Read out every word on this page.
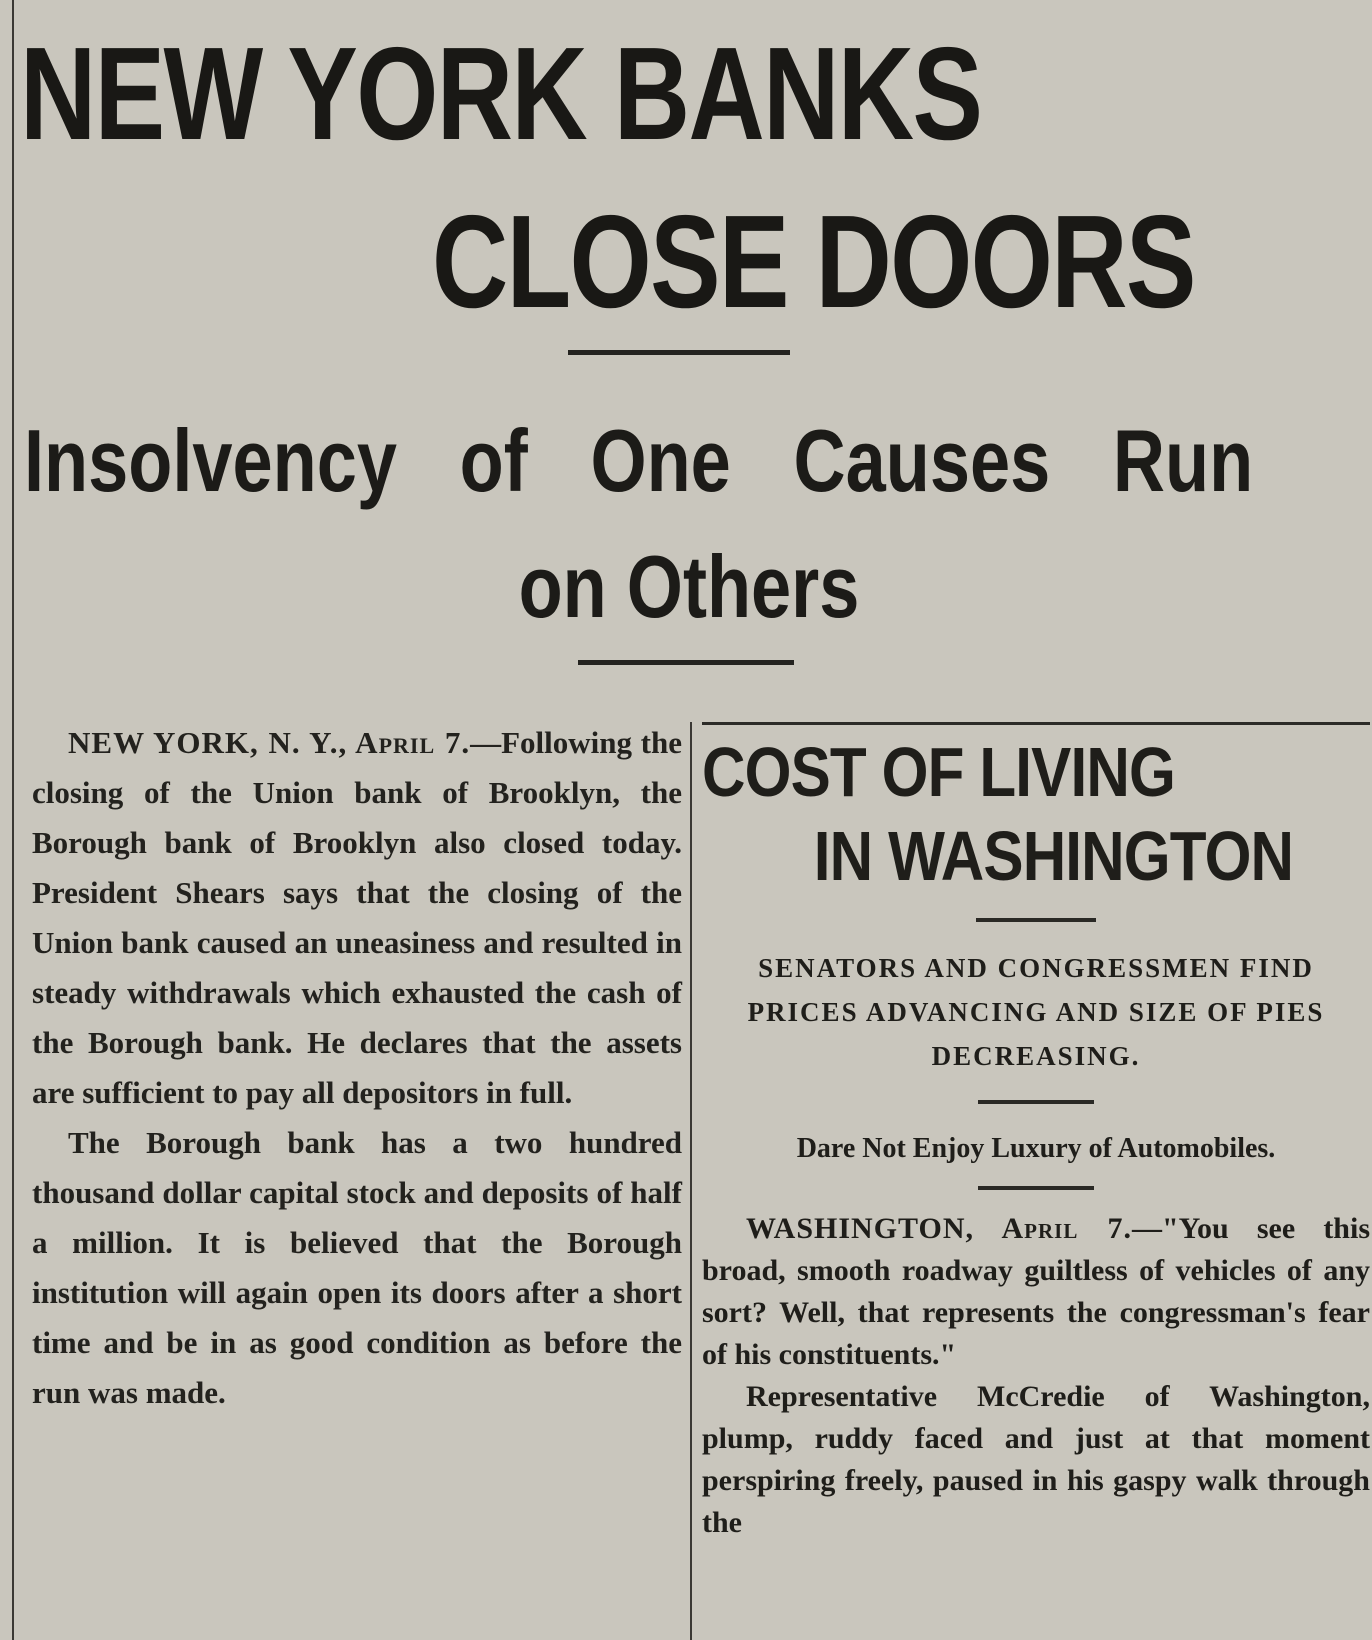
NEW YORK BANKS
CLOSE DOORS
Insolvency of One Causes Run
on Others

NEW YORK, N. Y., April 7.—Following the closing of the Union bank of Brooklyn, the Borough bank of Brooklyn also closed today. President Shears says that the closing of the Union bank caused an uneasiness and resulted in steady withdrawals which exhausted the cash of the Borough bank. He declares that the assets are sufficient to pay all depositors in full.

The Borough bank has a two hundred thousand dollar capital stock and deposits of half a million. It is believed that the Borough institution will again open its doors after a short time and be in as good condition as before the run was made.

COST OF LIVING
IN WASHINGTON
SENATORS AND CONGRESSMEN FIND PRICES ADVANCING AND SIZE OF PIES DECREASING.
Dare Not Enjoy Luxury of Automobiles.

WASHINGTON, April 7.—"You see this broad, smooth roadway guiltless of vehicles of any sort? Well, that represents the congressman's fear of his constituents."

Representative McCredie of Washington, plump, ruddy faced and just at that moment perspiring freely, paused in his gaspy walk through the
